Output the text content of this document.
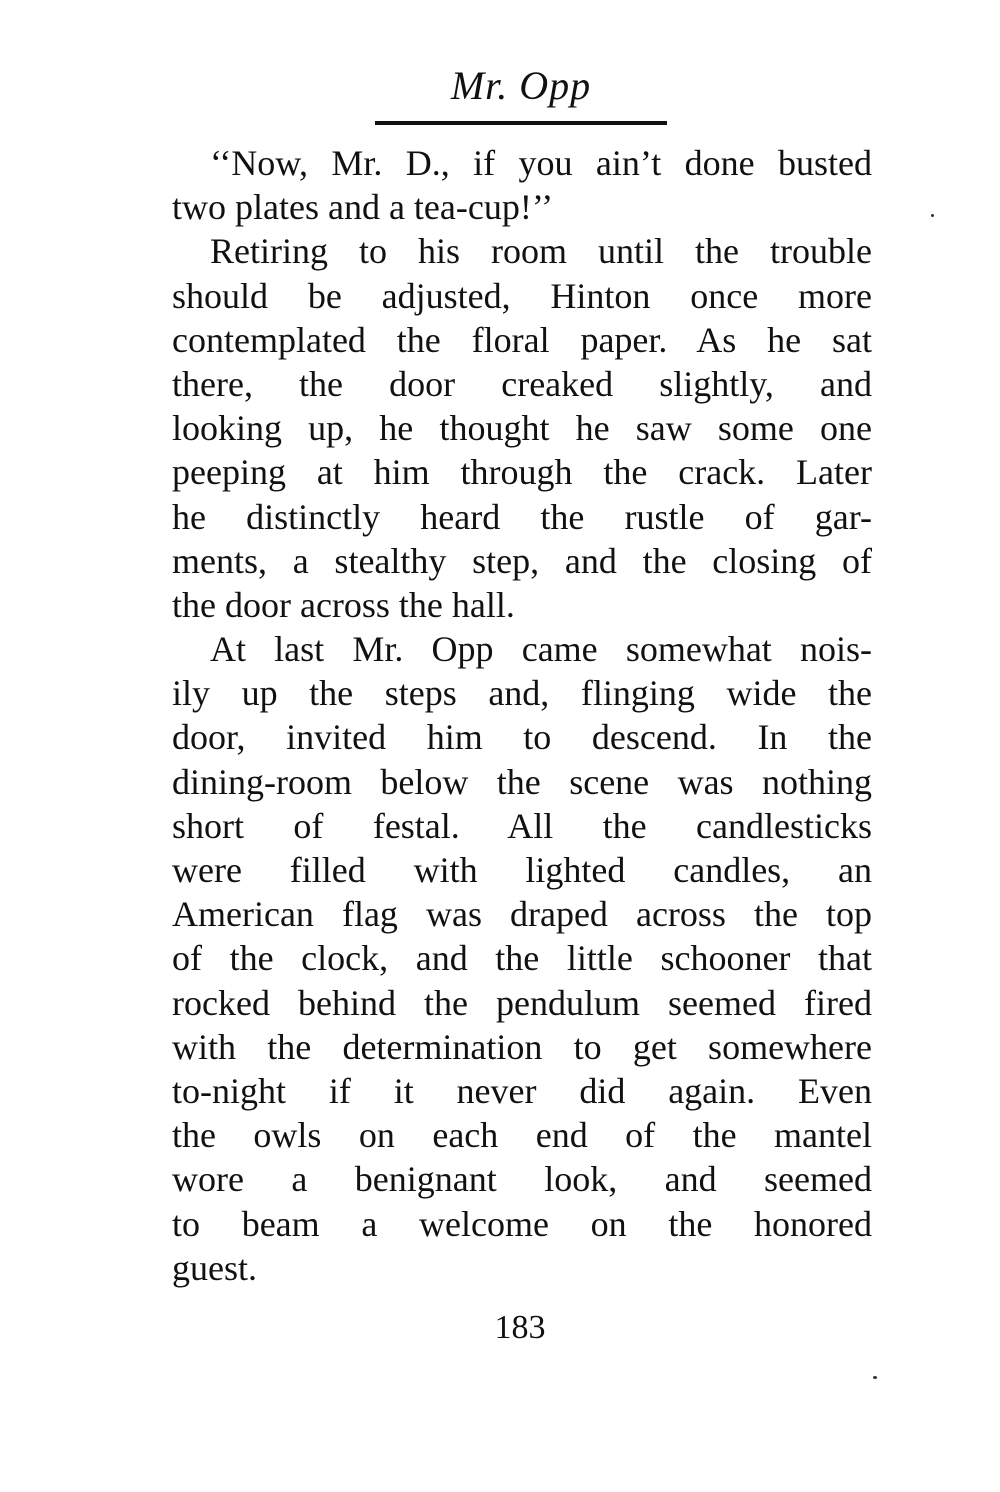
Mr. Opp
‘‘Now, Mr. D., if you ain’t done busted
two plates and a tea-cup!’’
Retiring to his room until the trouble
should be adjusted, Hinton once more
contemplated the floral paper. As he sat
there, the door creaked slightly, and
looking up, he thought he saw some one
peeping at him through the crack. Later
he distinctly heard the rustle of gar-
ments, a stealthy step, and the closing of
the door across the hall.
At last Mr. Opp came somewhat nois-
ily up the steps and, flinging wide the
door, invited him to descend. In the
dining-room below the scene was nothing
short of festal. All the candlesticks
were filled with lighted candles, an
American flag was draped across the top
of the clock, and the little schooner that
rocked behind the pendulum seemed fired
with the determination to get somewhere
to-night if it never did again. Even
the owls on each end of the mantel
wore a benignant look, and seemed
to beam a welcome on the honored
guest.
183
